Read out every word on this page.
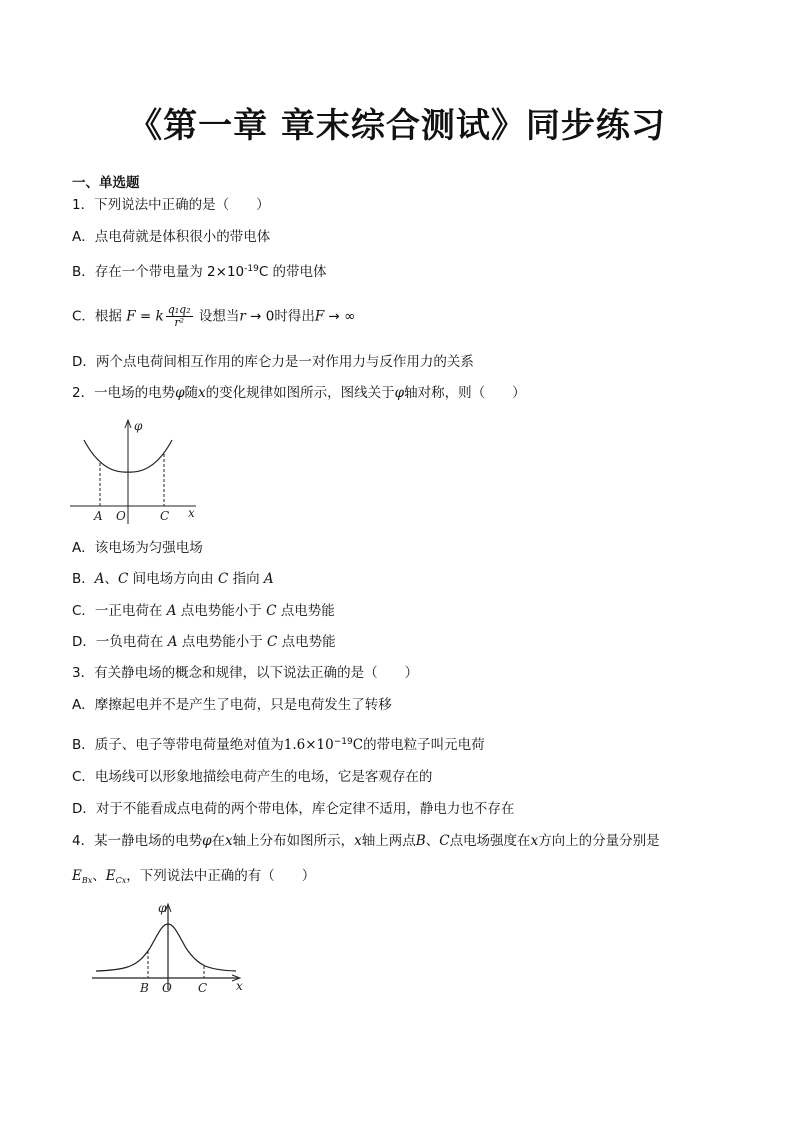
《第一章 章末综合测试》同步练习
一、单选题
1．下列说法中正确的是（　　）
A．点电荷就是体积很小的带电体
B．存在一个带电量为 $2\times 10^{-19}C$ 的带电体
C．根据 F = k $\frac{\text{q₁q₂}}{\text{r²}}$ 设想当r → 0时得出F → ∞
D．两个点电荷间相互作用的库仑力是一对作用力与反作用力的关系
2．一电场的电势φ随x的变化规律如图所示，图线关于φ轴对称，则（　　）
φ
A O	C x
A．该电场为匀强电场
B．A、C 间电场方向由 C 指向 A
C．一正电荷在 A 点电势能小于 C 点电势能
D．一负电荷在 A 点电势能小于 C 点电势能
3．有关静电场的概念和规律，以下说法正确的是（　　）
A．摩擦起电并不是产生了电荷，只是电荷发生了转移
B．质子、电子等带电荷量绝对值为$1.6\times 10^{-19}C$的带电粒子叫元电荷
C．电场线可以形象地描绘电荷产生的电场，它是客观存在的
D．对于不能看成点电荷的两个带电体，库仑定律不适用，静电力也不存在
4．某一静电场的电势φ在x轴上分布如图所示，x轴上两点B、C点电场强度在x方向上的分量分别是
$E_{Bx}$、$E_{Cx}$，下列说法中正确的有（　　）
φ
B O C x
